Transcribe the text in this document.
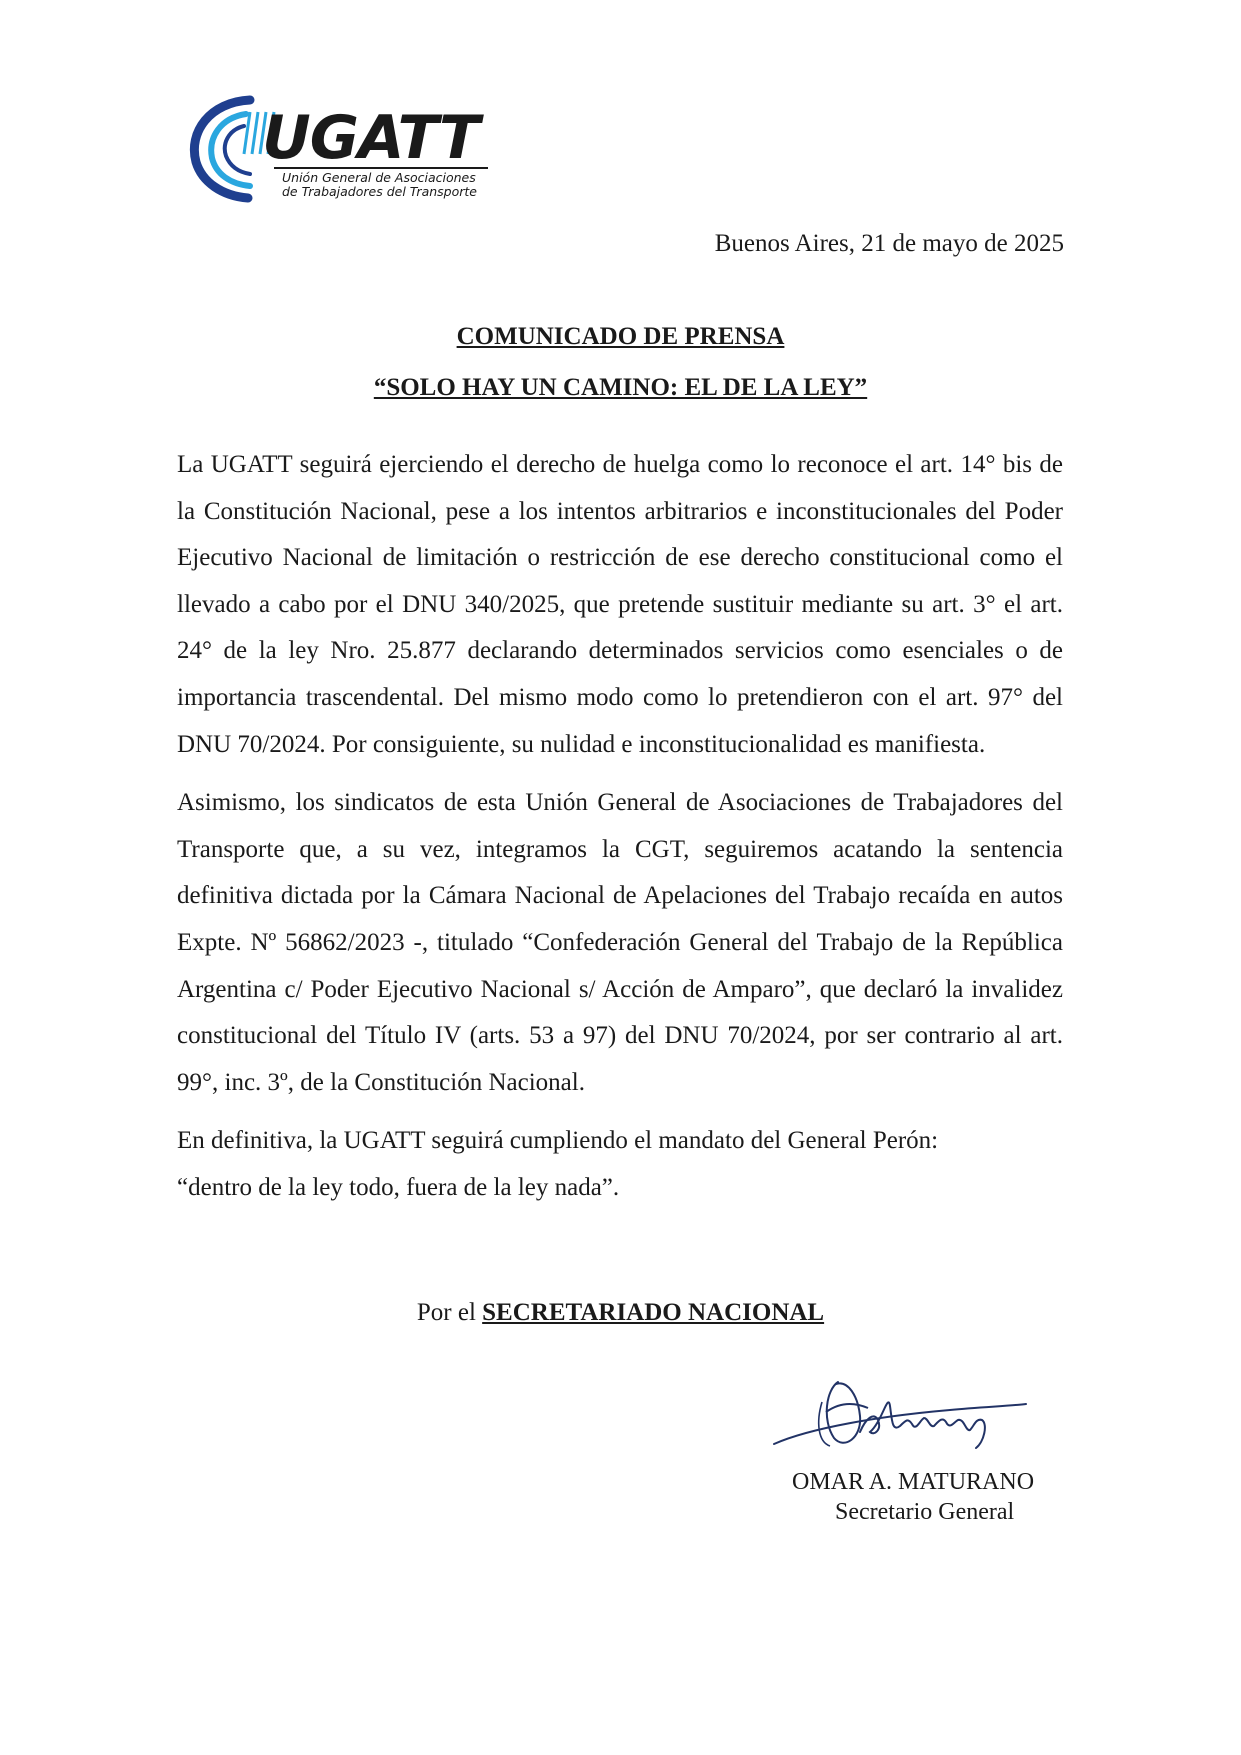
UGATT
Unión General de Asociaciones
de Trabajadores del Transporte

Buenos Aires, 21 de mayo de 2025

COMUNICADO DE PRENSA

“SOLO HAY UN CAMINO: EL DE LA LEY”

La UGATT seguirá ejerciendo el derecho de huelga como lo reconoce el art. 14° bis de la Constitución Nacional, pese a los intentos arbitrarios e inconstitucionales del Poder Ejecutivo Nacional de limitación o restricción de ese derecho constitucional como el llevado a cabo por el DNU 340/2025, que pretende sustituir mediante su art. 3° el art. 24° de la ley Nro. 25.877 declarando determinados servicios como esenciales o de importancia trascendental. Del mismo modo como lo pretendieron con el art. 97° del DNU 70/2024. Por consiguiente, su nulidad e inconstitucionalidad es manifiesta.

Asimismo, los sindicatos de esta Unión General de Asociaciones de Trabajadores del Transporte que, a su vez, integramos la CGT, seguiremos acatando la sentencia definitiva dictada por la Cámara Nacional de Apelaciones del Trabajo recaída en autos Expte. Nº 56862/2023 -, titulado “Confederación General del Trabajo de la República Argentina c/ Poder Ejecutivo Nacional s/ Acción de Amparo”, que declaró la invalidez constitucional del Título IV (arts. 53 a 97) del DNU 70/2024, por ser contrario al art. 99°, inc. 3º, de la Constitución Nacional.

En definitiva, la UGATT seguirá cumpliendo el mandato del General Perón:
“dentro de la ley todo, fuera de la ley nada”.

Por el SECRETARIADO NACIONAL

OMAR A. MATURANO

Secretario General
